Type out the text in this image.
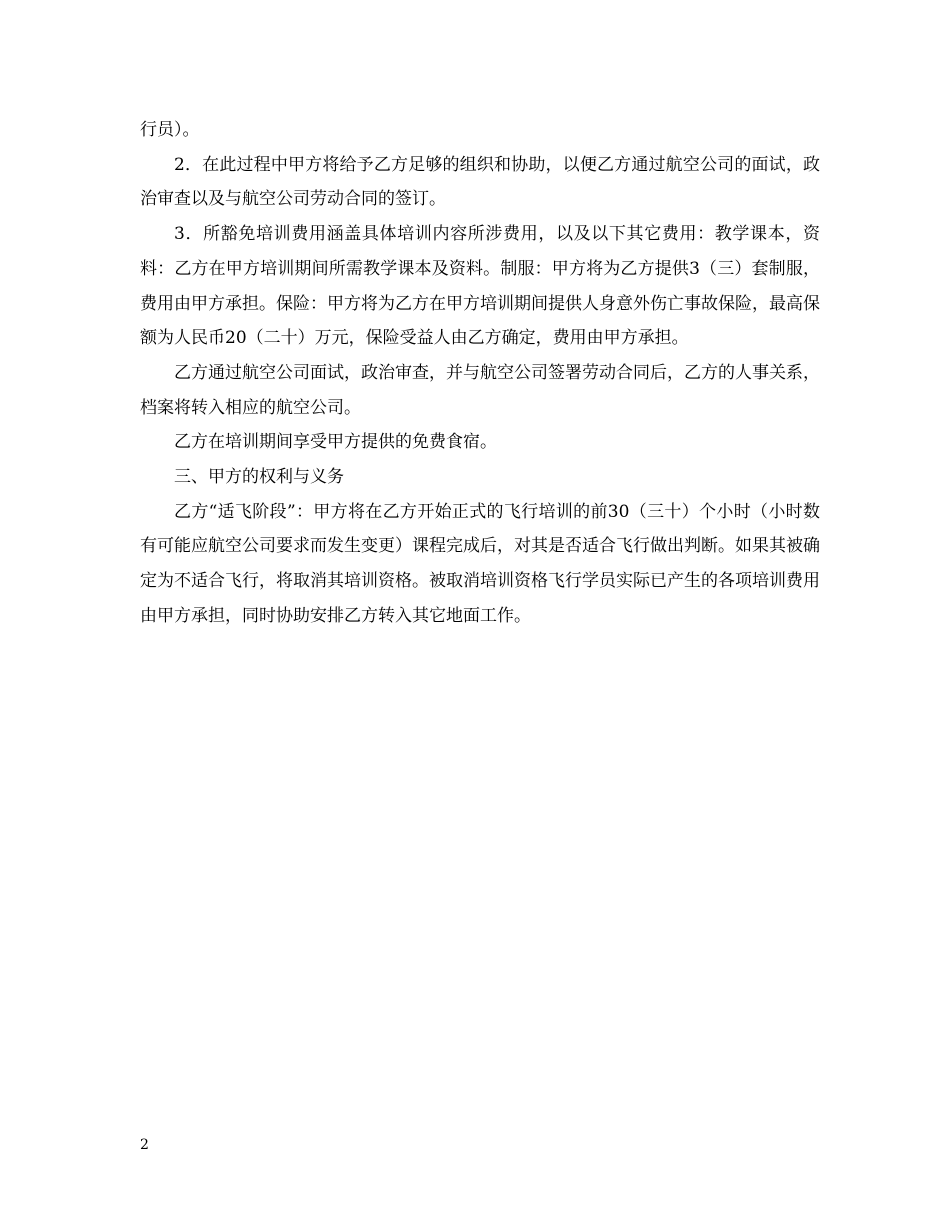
行员）。

2．在此过程中甲方将给予乙方足够的组织和协助，以便乙方通过航空公司的面试，政治审查以及与航空公司劳动合同的签订。

3．所豁免培训费用涵盖具体培训内容所涉费用，以及以下其它费用：教学课本，资料：乙方在甲方培训期间所需教学课本及资料。制服：甲方将为乙方提供3（三）套制服，费用由甲方承担。保险：甲方将为乙方在甲方培训期间提供人身意外伤亡事故保险，最高保额为人民币20（二十）万元，保险受益人由乙方确定，费用由甲方承担。

乙方通过航空公司面试，政治审查，并与航空公司签署劳动合同后，乙方的人事关系，档案将转入相应的航空公司。

乙方在培训期间享受甲方提供的免费食宿。

三、甲方的权利与义务

乙方“适飞阶段”：甲方将在乙方开始正式的飞行培训的前30（三十）个小时（小时数有可能应航空公司要求而发生变更）课程完成后，对其是否适合飞行做出判断。如果其被确定为不适合飞行，将取消其培训资格。被取消培训资格飞行学员实际已产生的各项培训费用由甲方承担，同时协助安排乙方转入其它地面工作。

2
